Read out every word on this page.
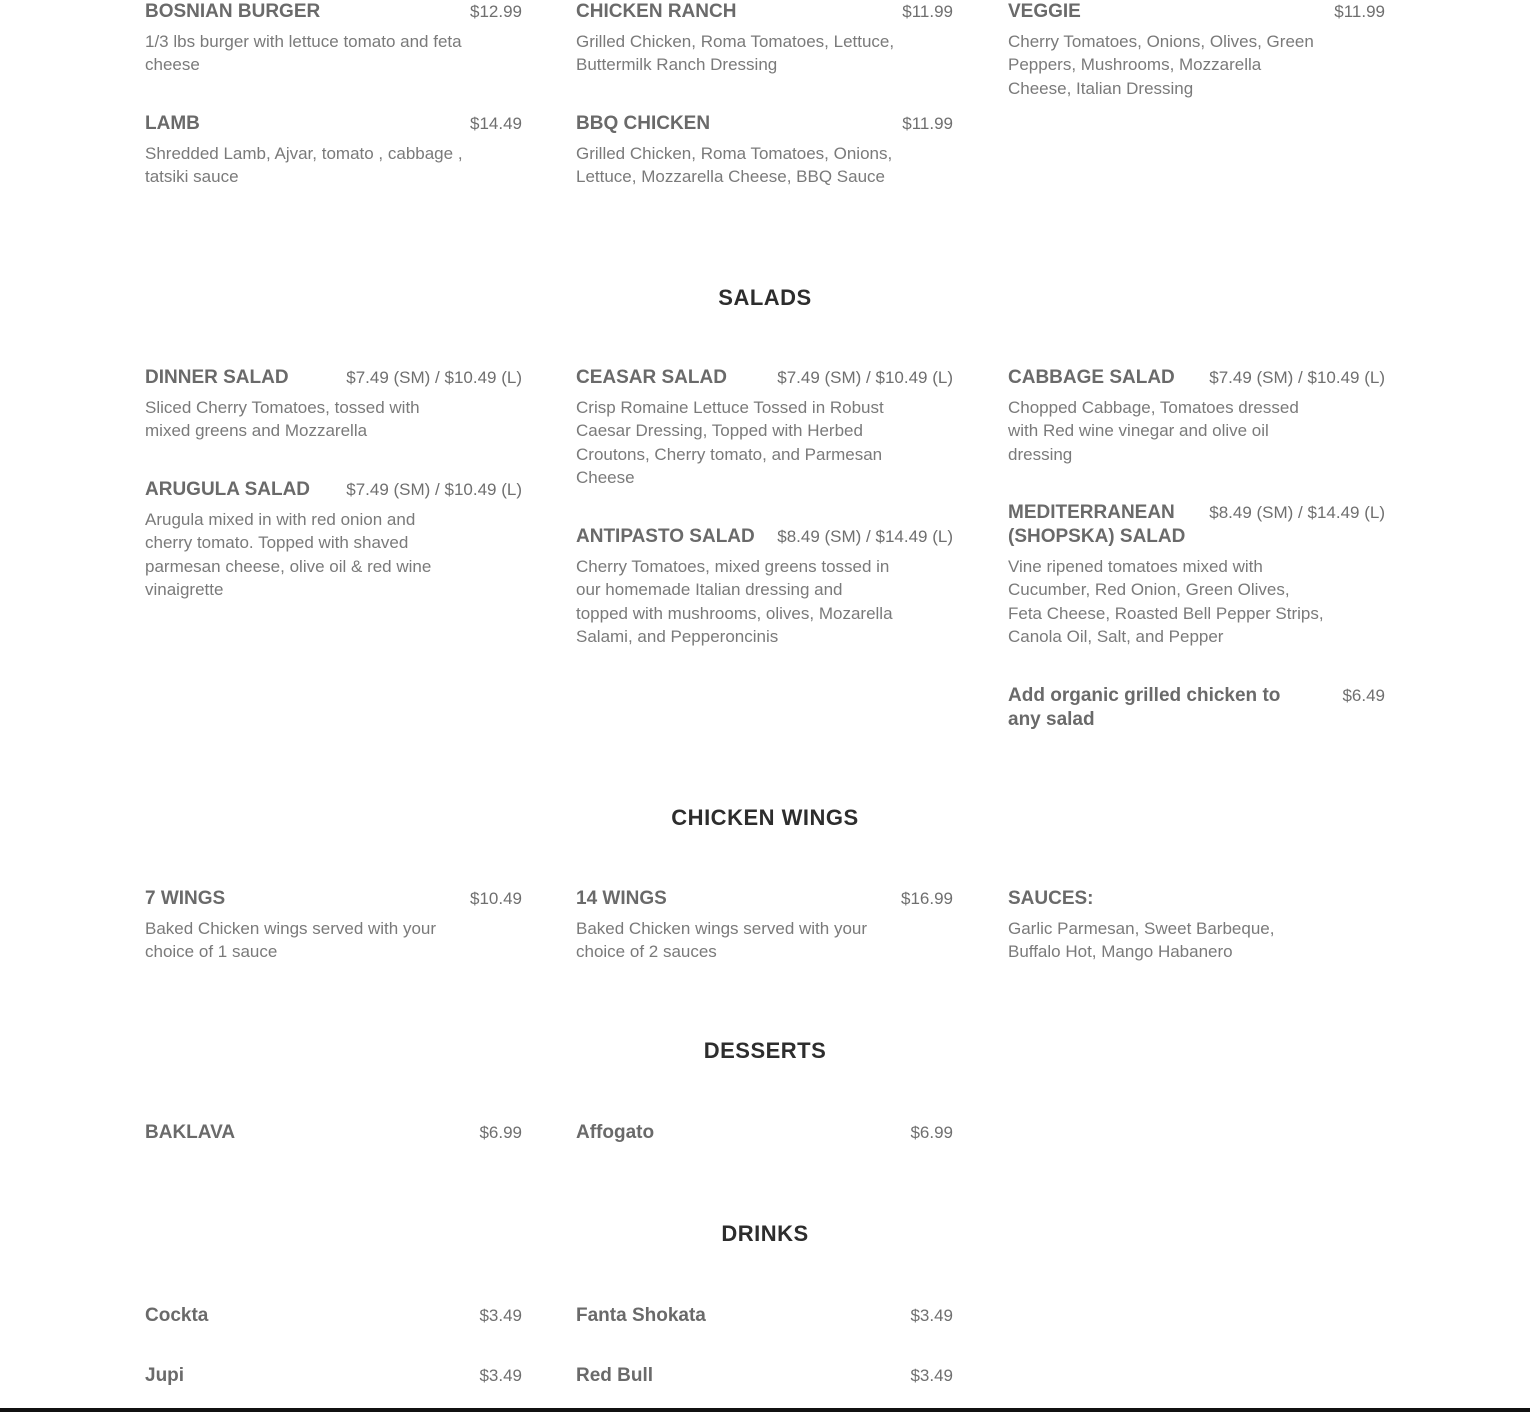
BOSNIAN BURGER	$12.99
1/3 lbs burger with lettuce tomato and feta cheese
LAMB	$14.49
Shredded Lamb, Ajvar, tomato , cabbage , tatsiki sauce
CHICKEN RANCH	$11.99
Grilled Chicken, Roma Tomatoes, Lettuce, Buttermilk Ranch Dressing
BBQ CHICKEN	$11.99
Grilled Chicken, Roma Tomatoes, Onions, Lettuce, Mozzarella Cheese, BBQ Sauce
VEGGIE	$11.99
Cherry Tomatoes, Onions, Olives, Green Peppers, Mushrooms, Mozzarella Cheese, Italian Dressing
SALADS
DINNER SALAD	$7.49 (SM) / $10.49 (L)
Sliced Cherry Tomatoes, tossed with mixed greens and Mozzarella
ARUGULA SALAD	$7.49 (SM) / $10.49 (L)
Arugula mixed in with red onion and cherry tomato. Topped with shaved parmesan cheese, olive oil & red wine vinaigrette
CEASAR SALAD	$7.49 (SM) / $10.49 (L)
Crisp Romaine Lettuce Tossed in Robust Caesar Dressing, Topped with Herbed Croutons, Cherry tomato, and Parmesan Cheese
ANTIPASTO SALAD	$8.49 (SM) / $14.49 (L)
Cherry Tomatoes, mixed greens tossed in our homemade Italian dressing and topped with mushrooms, olives, Mozarella Salami, and Pepperoncinis
CABBAGE SALAD	$7.49 (SM) / $10.49 (L)
Chopped Cabbage, Tomatoes dressed with Red wine vinegar and olive oil dressing
MEDITERRANEAN (SHOPSKA) SALAD
$8.49 (SM) / $14.49 (L)
Vine ripened tomatoes mixed with Cucumber, Red Onion, Green Olives, Feta Cheese, Roasted Bell Pepper Strips, Canola Oil, Salt, and Pepper
Add organic grilled chicken to any salad
$6.49
CHICKEN WINGS
7 WINGS	$10.49
Baked Chicken wings served with your choice of 1 sauce
14 WINGS	$16.99
Baked Chicken wings served with your choice of 2 sauces
SAUCES:
Garlic Parmesan, Sweet Barbeque, Buffalo Hot, Mango Habanero
DESSERTS
BAKLAVA	$6.99	Affogato	$6.99
DRINKS
Cockta	$3.49
Jupi	$3.49
Fanta Shokata	$3.49
Red Bull	$3.49
